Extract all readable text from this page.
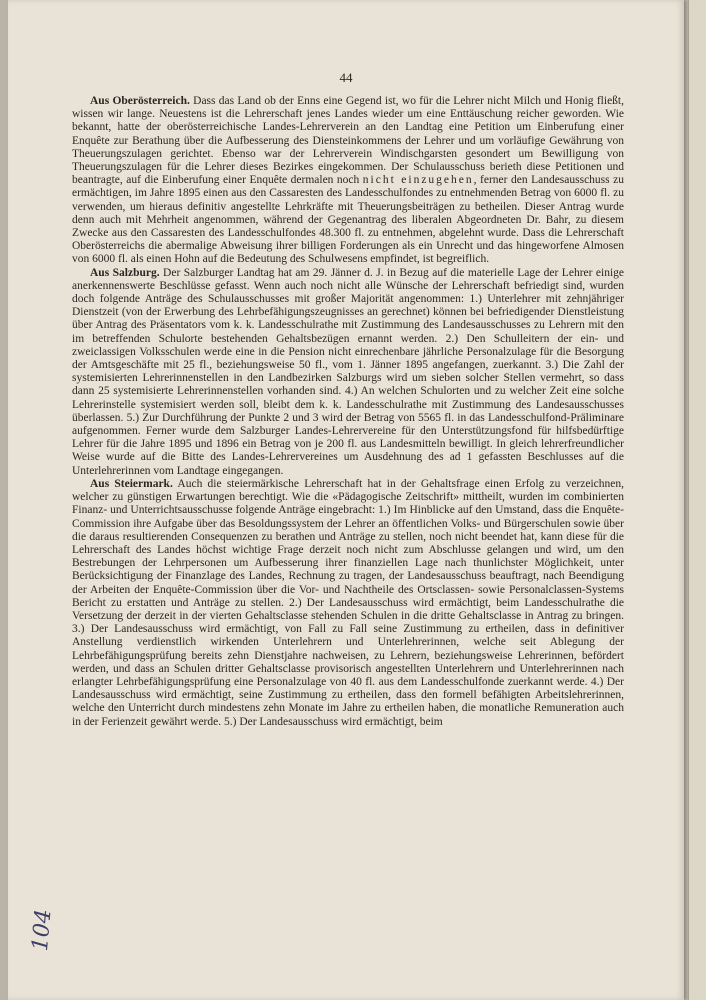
44

Aus Oberösterreich. Dass das Land ob der Enns eine Gegend ist, wo für die Lehrer nicht Milch und Honig fließt, wissen wir lange. Neuestens ist die Lehrerschaft jenes Landes wieder um eine Enttäuschung reicher geworden. Wie bekannt, hatte der oberösterreichische Landes-Lehrerverein an den Landtag eine Petition um Einberufung einer Enquête zur Berathung über die Aufbesserung des Diensteinkommens der Lehrer und um vorläufige Gewährung von Theuerungszulagen gerichtet. Ebenso war der Lehrerverein Windischgarsten gesondert um Bewilligung von Theuerungszulagen für die Lehrer dieses Bezirkes eingekommen. Der Schulausschuss berieth diese Petitionen und beantragte, auf die Einberufung einer Enquête dermalen noch nicht einzugehen, ferner den Landesausschuss zu ermächtigen, im Jahre 1895 einen aus den Cassaresten des Landesschulfondes zu entnehmenden Betrag von 6000 fl. zu verwenden, um hieraus definitiv angestellte Lehrkräfte mit Theuerungsbeiträgen zu betheilen. Dieser Antrag wurde denn auch mit Mehrheit angenommen, während der Gegenantrag des liberalen Abgeordneten Dr. Bahr, zu diesem Zwecke aus den Cassaresten des Landesschulfondes 48.300 fl. zu entnehmen, abgelehnt wurde. Dass die Lehrerschaft Oberösterreichs die abermalige Abweisung ihrer billigen Forderungen als ein Unrecht und das hingeworfene Almosen von 6000 fl. als einen Hohn auf die Bedeutung des Schulwesens empfindet, ist begreiflich.

Aus Salzburg. Der Salzburger Landtag hat am 29. Jänner d. J. in Bezug auf die materielle Lage der Lehrer einige anerkennenswerte Beschlüsse gefasst. Wenn auch noch nicht alle Wünsche der Lehrerschaft befriedigt sind, wurden doch folgende Anträge des Schulausschusses mit großer Majorität angenommen: 1.) Unterlehrer mit zehnjähriger Dienstzeit (von der Erwerbung des Lehrbefähigungszeugnisses an gerechnet) können bei befriedigender Dienstleistung über Antrag des Präsentators vom k. k. Landesschulrathe mit Zustimmung des Landesausschusses zu Lehrern mit den im betreffenden Schulorte bestehenden Gehaltsbezügen ernannt werden. 2.) Den Schulleitern der ein- und zweiclassigen Volksschulen werde eine in die Pension nicht einrechenbare jährliche Personalzulage für die Besorgung der Amtsgeschäfte mit 25 fl., beziehungsweise 50 fl., vom 1. Jänner 1895 angefangen, zuerkannt. 3.) Die Zahl der systemisierten Lehrerinnenstellen in den Landbezirken Salzburgs wird um sieben solcher Stellen vermehrt, so dass dann 25 systemisierte Lehrerinnenstellen vorhanden sind. 4.) An welchen Schulorten und zu welcher Zeit eine solche Lehrerinstelle systemisiert werden soll, bleibt dem k. k. Landesschulrathe mit Zustimmung des Landesausschusses überlassen. 5.) Zur Durchführung der Punkte 2 und 3 wird der Betrag von 5565 fl. in das Landesschulfond-Präliminare aufgenommen. Ferner wurde dem Salzburger Landes-Lehrervereine für den Unterstützungsfond für hilfsbedürftige Lehrer für die Jahre 1895 und 1896 ein Betrag von je 200 fl. aus Landesmitteln bewilligt. In gleich lehrerfreundlicher Weise wurde auf die Bitte des Landes-Lehrervereines um Ausdehnung des ad 1 gefassten Beschlusses auf die Unterlehrerinnen vom Landtage eingegangen.

Aus Steiermark. Auch die steiermärkische Lehrerschaft hat in der Gehaltsfrage einen Erfolg zu verzeichnen, welcher zu günstigen Erwartungen berechtigt. Wie die «Pädagogische Zeitschrift» mittheilt, wurden im combinierten Finanz- und Unterrichtsausschusse folgende Anträge eingebracht: 1.) Im Hinblicke auf den Umstand, dass die Enquête-Commission ihre Aufgabe über das Besoldungssystem der Lehrer an öffentlichen Volks- und Bürgerschulen sowie über die daraus resultierenden Consequenzen zu berathen und Anträge zu stellen, noch nicht beendet hat, kann diese für die Lehrerschaft des Landes höchst wichtige Frage derzeit noch nicht zum Abschlusse gelangen und wird, um den Bestrebungen der Lehrpersonen um Aufbesserung ihrer finanziellen Lage nach thunlichster Möglichkeit, unter Berücksichtigung der Finanzlage des Landes, Rechnung zu tragen, der Landesausschuss beauftragt, nach Beendigung der Arbeiten der Enquête-Commission über die Vor- und Nachtheile des Ortsclassen- sowie Personalclassen-Systems Bericht zu erstatten und Anträge zu stellen. 2.) Der Landesausschuss wird ermächtigt, beim Landesschulrathe die Versetzung der derzeit in der vierten Gehaltsclasse stehenden Schulen in die dritte Gehaltsclasse in Antrag zu bringen. 3.) Der Landesausschuss wird ermächtigt, von Fall zu Fall seine Zustimmung zu ertheilen, dass in definitiver Anstellung verdienstlich wirkenden Unterlehrern und Unterlehrerinnen, welche seit Ablegung der Lehrbefähigungsprüfung bereits zehn Dienstjahre nachweisen, zu Lehrern, beziehungsweise Lehrerinnen, befördert werden, und dass an Schulen dritter Gehaltsclasse provisorisch angestellten Unterlehrern und Unterlehrerinnen nach erlangter Lehrbefähigungsprüfung eine Personalzulage von 40 fl. aus dem Landesschulfonde zuerkannt werde. 4.) Der Landesausschuss wird ermächtigt, seine Zustimmung zu ertheilen, dass den formell befähigten Arbeitslehrerinnen, welche den Unterricht durch mindestens zehn Monate im Jahre zu ertheilen haben, die monatliche Remuneration auch in der Ferienzeit gewährt werde. 5.) Der Landesausschuss wird ermächtigt, beim

104
